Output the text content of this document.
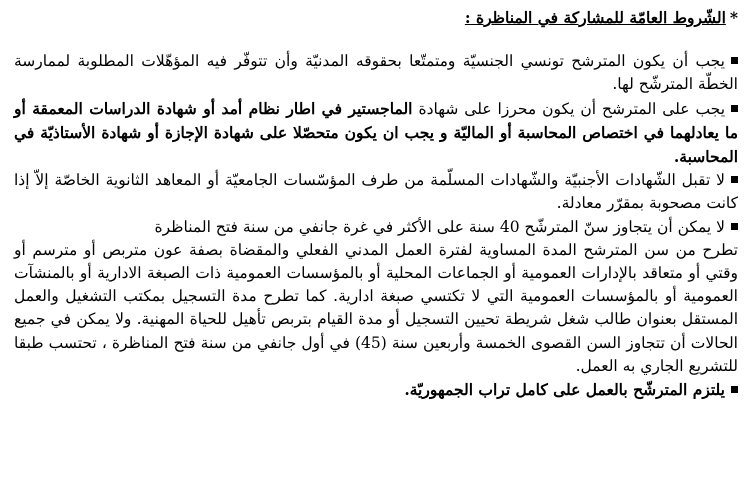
*الشّروط العامّة للمشاركة في المناظرة :
يجب أن يكون المترشح تونسي الجنسيّة ومتمتّعا بحقوقه المدنيّة وأن تتوفّر فيه المؤهّلات المطلوبة لممارسة الخطّة المترشّح لها.
يجب على المترشح أن يكون محرزا على شهادة الماجستير في اطار نظام أمد أو شهادة الدراسات المعمقة أو ما يعادلهما في اختصاص المحاسبة أو الماليّة و يجب ان يكون متحصّلا على شهادة الإجازة أو شهادة الأستاذيّة في المحاسبة.
لا تقبل الشّهادات الأجنبيّة والشّهادات المسلّمة من طرف المؤسّسات الجامعيّة أو المعاهد الثانوية الخاصّة إلاّ إذا كانت مصحوبة بمقرّر معادلة.
لا يمكن أن يتجاوز سنّ المترشّح 40 سنة على الأكثر في غرة جانفي من سنة فتح المناظرة
تطرح من سن المترشح المدة المساوية لفترة العمل المدني الفعلي والمقضاة بصفة عون متربص أو مترسم أو وقتي أو متعاقد بالإدارات العمومية أو الجماعات المحلية أو بالمؤسسات العمومية ذات الصبغة الادارية أو بالمنشآت العمومية أو بالمؤسسات العمومية التي لا تكتسي صبغة ادارية. كما تطرح مدة التسجيل بمكتب التشغيل والعمل المستقل بعنوان طالب شغل شريطة تحيين التسجيل أو مدة القيام بتربص تأهيل للحياة المهنية. ولا يمكن في جميع الحالات أن تتجاوز السن القصوى الخمسة وأربعين سنة (45) في أول جانفي من سنة فتح المناظرة ، تحتسب طبقا للتشريع الجاري به العمل.
يلتزم المترشّح بالعمل على كامل تراب الجمهوريّة.
